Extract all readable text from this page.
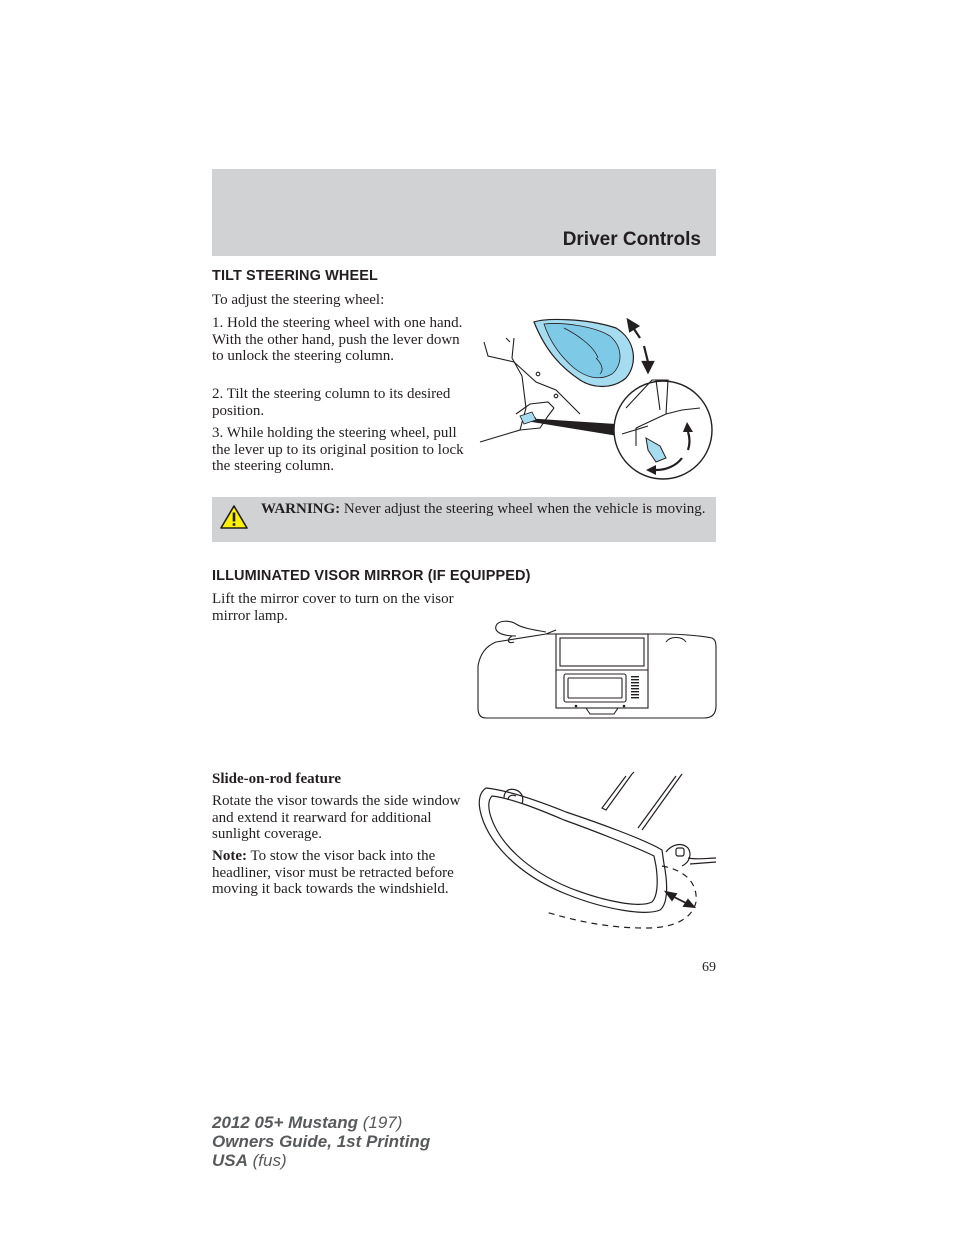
Driver Controls
TILT STEERING WHEEL

To adjust the steering wheel:

1. Hold the steering wheel with one hand. With the other hand, push the lever down to unlock the steering column.

2. Tilt the steering column to its desired position.

3. While holding the steering wheel, pull the lever up to its original position to lock the steering column.

WARNING: Never adjust the steering wheel when the vehicle is moving.
ILLUMINATED VISOR MIRROR (IF EQUIPPED)

Lift the mirror cover to turn on the visor mirror lamp.

Slide-on-rod feature

Rotate the visor towards the side window and extend it rearward for additional sunlight coverage.

Note: To stow the visor back into the headliner, visor must be retracted before moving it back towards the windshield.

69
2012 05+ Mustang (197)
Owners Guide, 1st Printing
USA (fus)
